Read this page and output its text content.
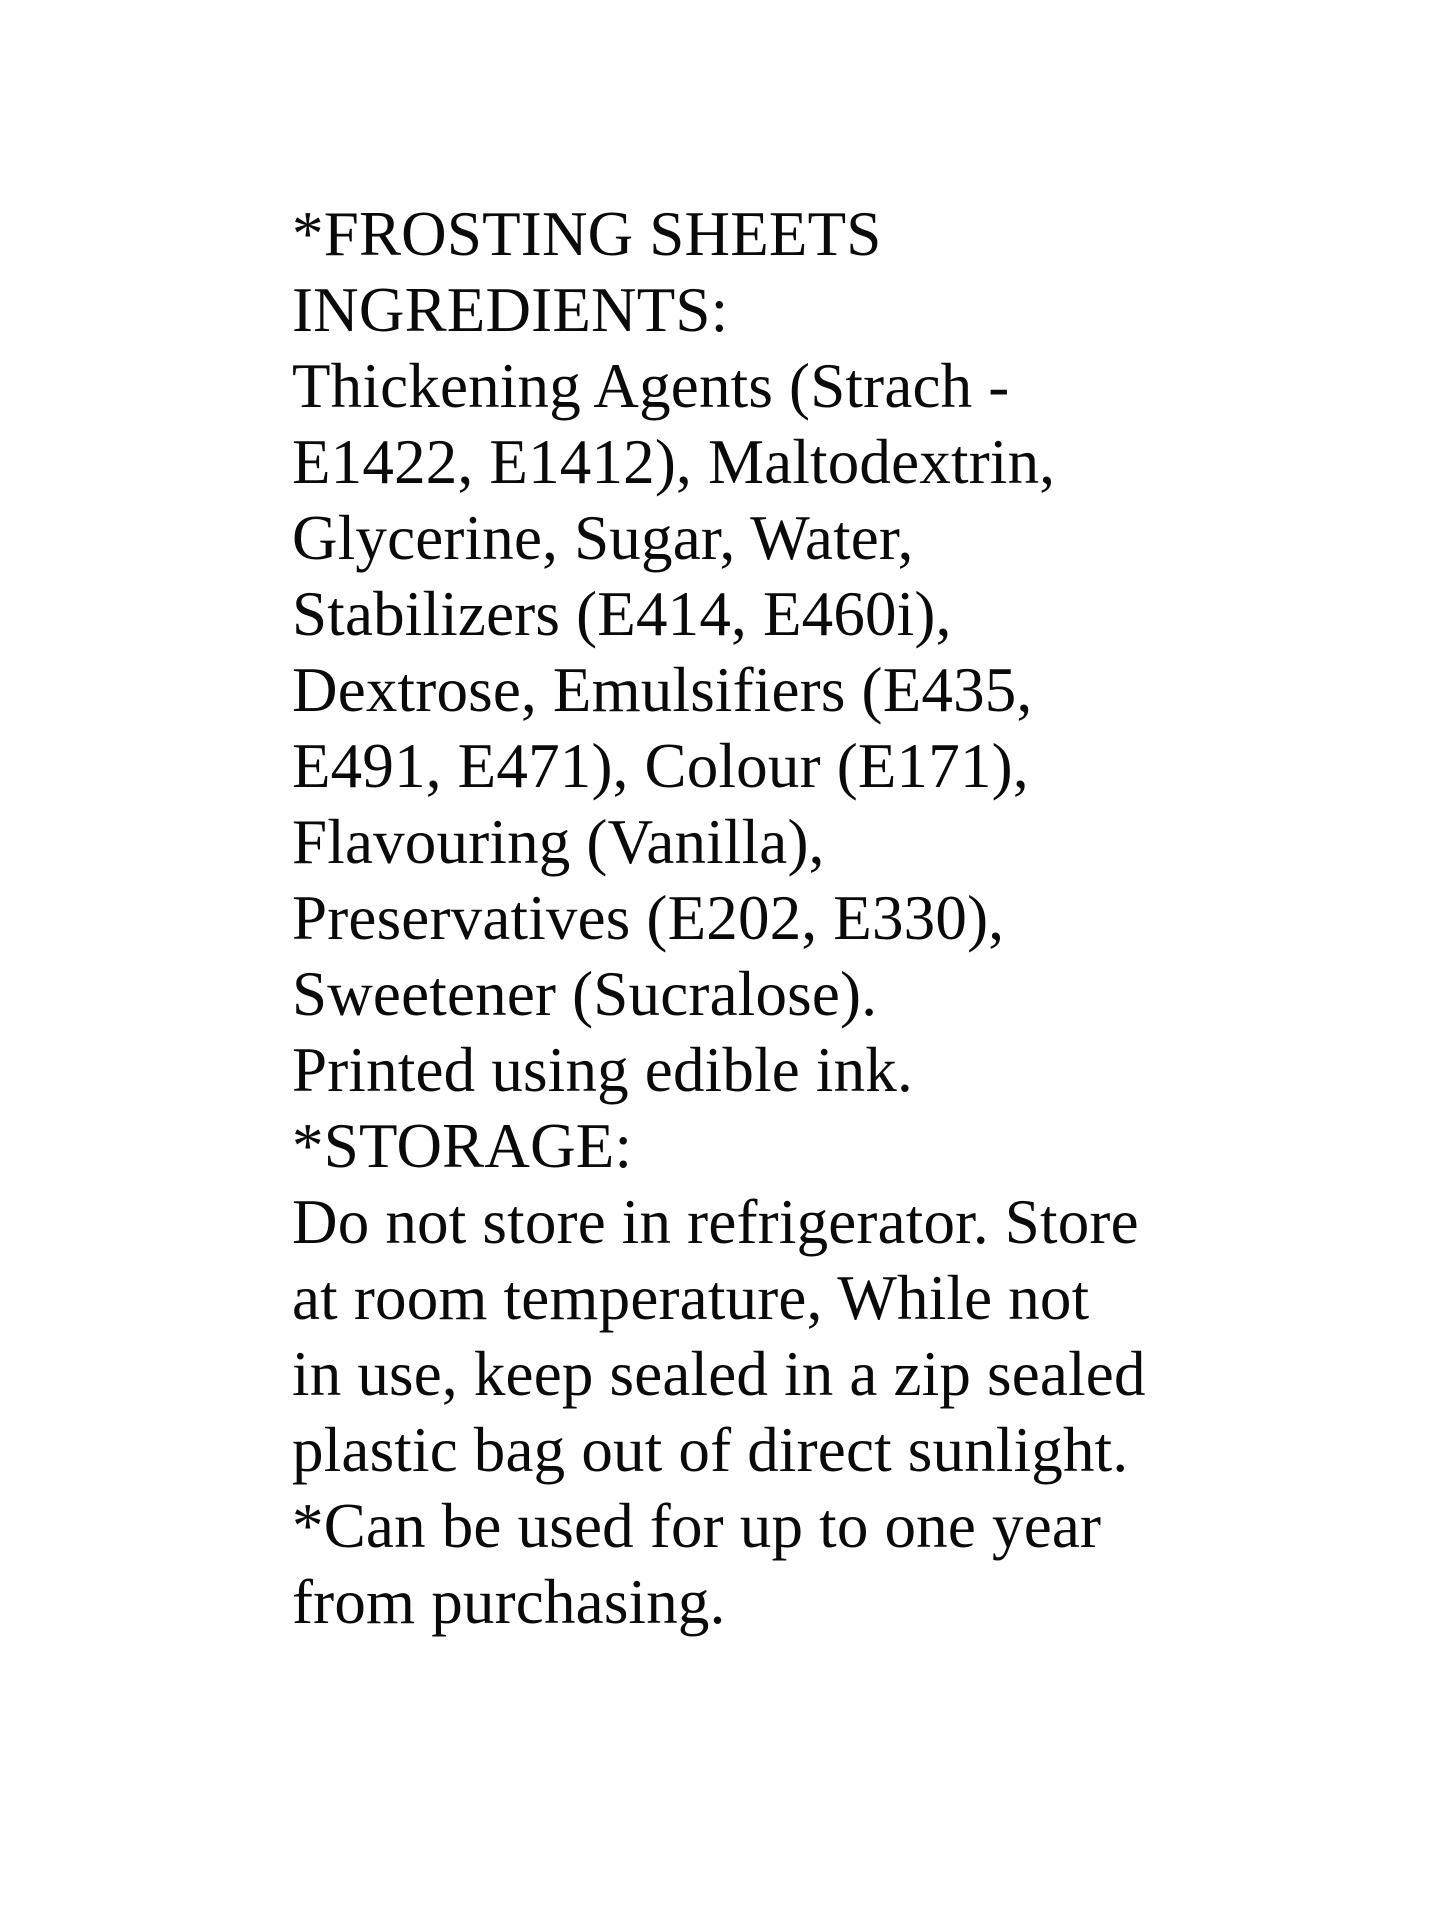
*FROSTING SHEETS
INGREDIENTS:
Thickening Agents (Strach -
E1422, E1412), Maltodextrin,
Glycerine, Sugar, Water,
Stabilizers (E414, E460i),
Dextrose, Emulsifiers (E435,
E491, E471), Colour (E171),
Flavouring (Vanilla),
Preservatives (E202, E330),
Sweetener (Sucralose).
Printed using edible ink.
*STORAGE:
Do not store in refrigerator. Store
at room temperature, While not
in use, keep sealed in a zip sealed
plastic bag out of direct sunlight.
*Can be used for up to one year
from purchasing.
